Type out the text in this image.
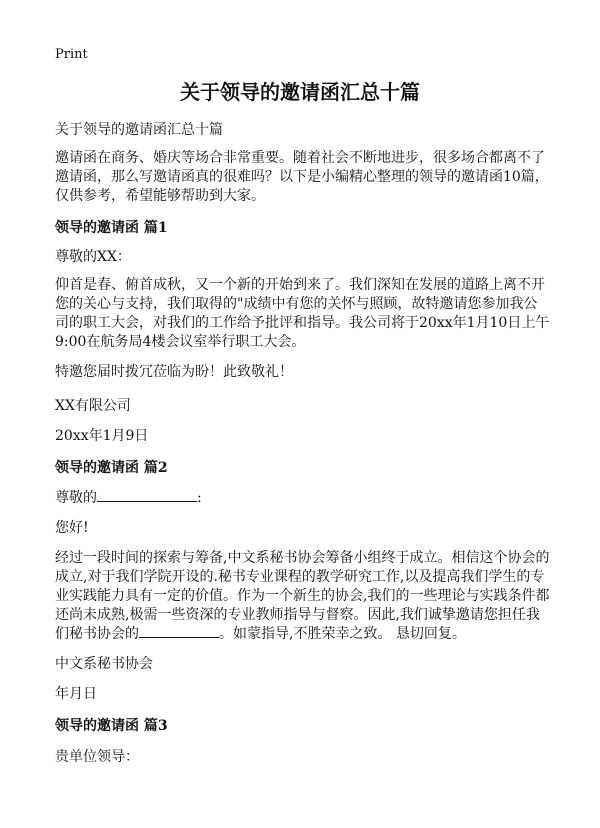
Print
关于领导的邀请函汇总十篇

关于领导的邀请函汇总十篇

邀请函在商务、婚庆等场合非常重要。随着社会不断地进步，很多场合都离不了邀请函，那么写邀请函真的很难吗？以下是小编精心整理的领导的邀请函10篇，仅供参考，希望能够帮助到大家。

领导的邀请函 篇1

尊敬的XX：

仰首是春、俯首成秋，又一个新的开始到来了。我们深知在发展的道路上离不开您的关心与支持，我们取得的"成绩中有您的关怀与照顾，故特邀请您参加我公司的职工大会，对我们的工作给予批评和指导。我公司将于20xx年1月10日上午9:00在航务局4楼会议室举行职工大会。

特邀您届时拨冗莅临为盼！此致敬礼！

XX有限公司

20xx年1月9日

领导的邀请函 篇2

尊敬的	:

您好!

经过一段时间的探索与筹备,中文系秘书协会筹备小组终于成立。相信这个协会的成立,对于我们学院开设的.秘书专业课程的教学研究工作,以及提高我们学生的专业实践能力具有一定的价值。作为一个新生的协会,我们的一些理论与实践条件都还尚未成熟,极需一些资深的专业教师指导与督察。因此,我们诚挚邀请您担任我们秘书协会的	。如蒙指导,不胜荣幸之致。 恳切回复。

中文系秘书协会

年月日

领导的邀请函 篇3

贵单位领导：
